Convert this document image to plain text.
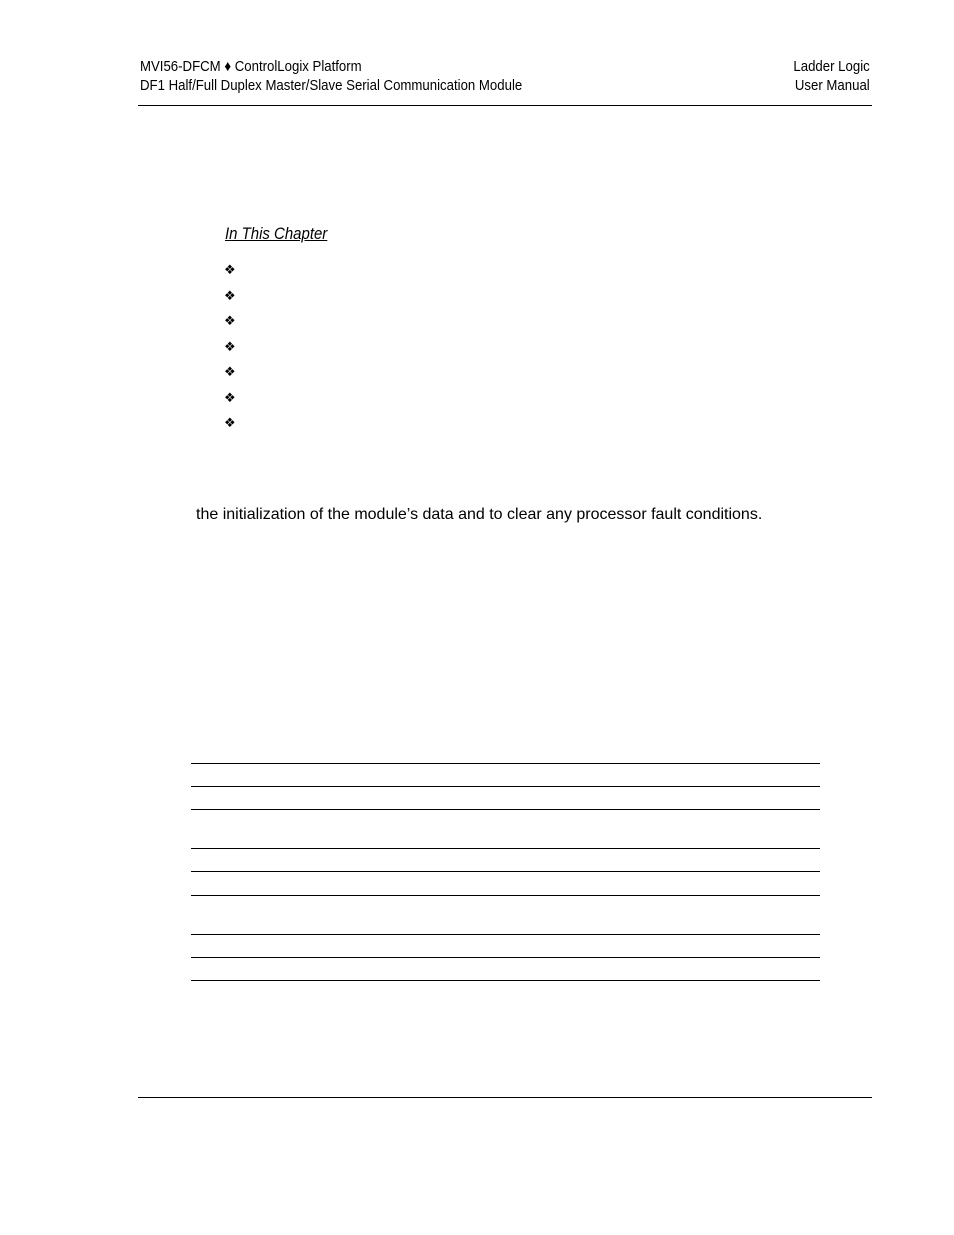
MVI56-DFCM ♦ ControlLogix Platform
DF1 Half/Full Duplex Master/Slave Serial Communication Module
Ladder Logic
User Manual
In This Chapter
❖
❖
❖
❖
❖
❖
❖
the initialization of the module’s data and to clear any processor fault conditions.
